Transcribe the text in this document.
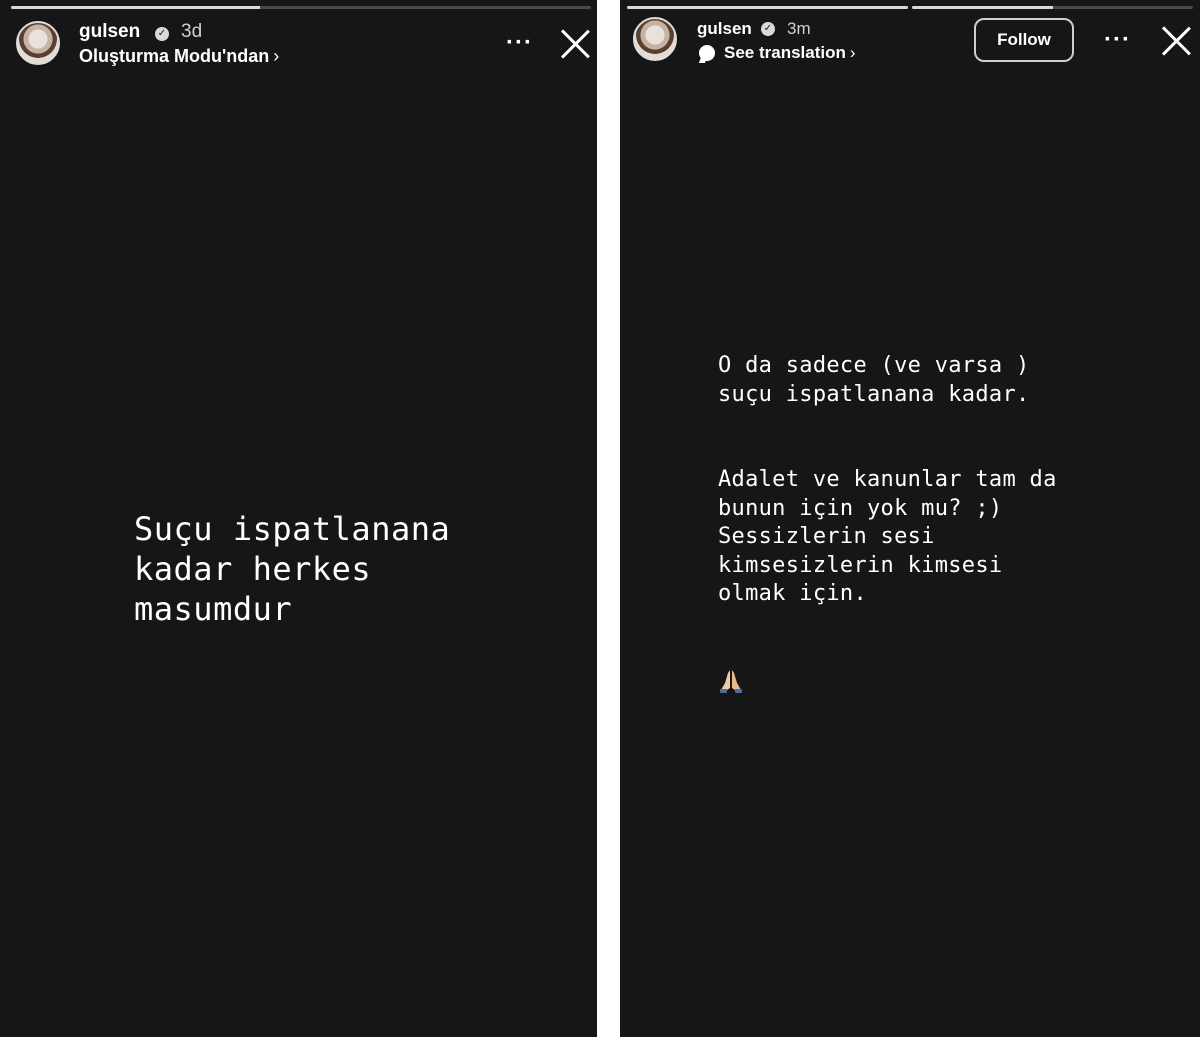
gulsen ✓ 3d
Oluşturma Modu'ndan ›	···
Suçu ispatlanana
kadar herkes
masumdur
gulsen ✓ 3m
See translation ›
Follow	···
O da sadece (ve varsa )
suçu ispatlanana kadar.
Adalet ve kanunlar tam da
bunun için yok mu? ;)
Sessizlerin sesi
kimsesizlerin kimsesi
olmak için.
